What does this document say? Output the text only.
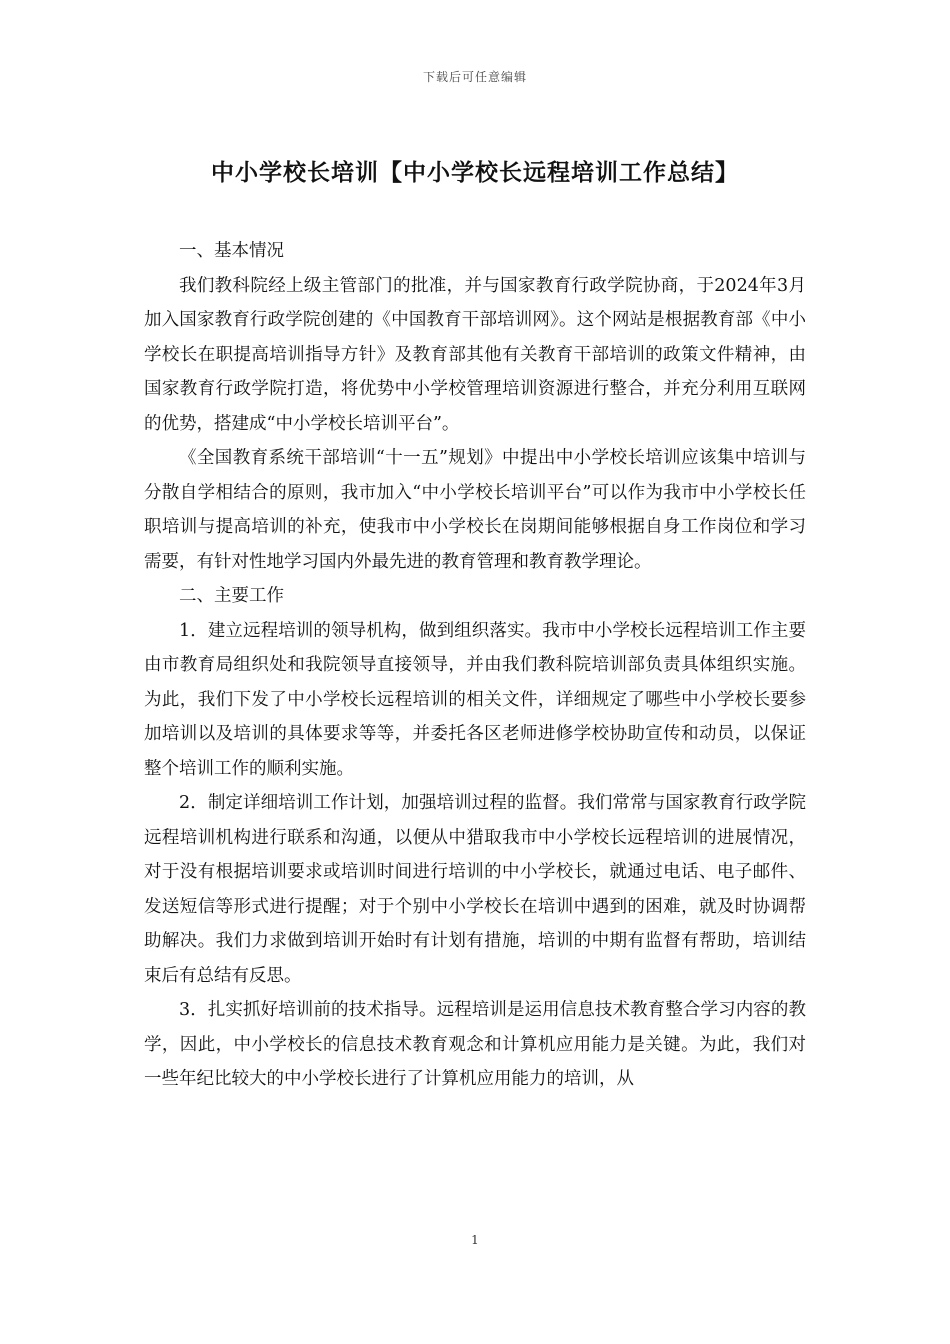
下载后可任意编辑
中小学校长培训【中小学校长远程培训工作总结】

一、基本情况

我们教科院经上级主管部门的批准，并与国家教育行政学院协商，于2024年3月加入国家教育行政学院创建的《中国教育干部培训网》。这个网站是根据教育部《中小学校长在职提高培训指导方针》及教育部其他有关教育干部培训的政策文件精神，由国家教育行政学院打造，将优势中小学校管理培训资源进行整合，并充分利用互联网的优势，搭建成“中小学校长培训平台”。

《全国教育系统干部培训“十一五”规划》中提出中小学校长培训应该集中培训与分散自学相结合的原则，我市加入“中小学校长培训平台”可以作为我市中小学校长任职培训与提高培训的补充，使我市中小学校长在岗期间能够根据自身工作岗位和学习需要，有针对性地学习国内外最先进的教育管理和教育教学理论。

二、主要工作

1．建立远程培训的领导机构，做到组织落实。我市中小学校长远程培训工作主要由市教育局组织处和我院领导直接领导，并由我们教科院培训部负责具体组织实施。为此，我们下发了中小学校长远程培训的相关文件，详细规定了哪些中小学校长要参加培训以及培训的具体要求等等，并委托各区老师进修学校协助宣传和动员，以保证整个培训工作的顺利实施。

2．制定详细培训工作计划，加强培训过程的监督。我们常常与国家教育行政学院远程培训机构进行联系和沟通，以便从中猎取我市中小学校长远程培训的进展情况，对于没有根据培训要求或培训时间进行培训的中小学校长，就通过电话、电子邮件、发送短信等形式进行提醒；对于个别中小学校长在培训中遇到的困难，就及时协调帮助解决。我们力求做到培训开始时有计划有措施，培训的中期有监督有帮助，培训结束后有总结有反思。

3．扎实抓好培训前的技术指导。远程培训是运用信息技术教育整合学习内容的教学，因此，中小学校长的信息技术教育观念和计算机应用能力是关键。为此，我们对一些年纪比较大的中小学校长进行了计算机应用能力的培训，从

1
